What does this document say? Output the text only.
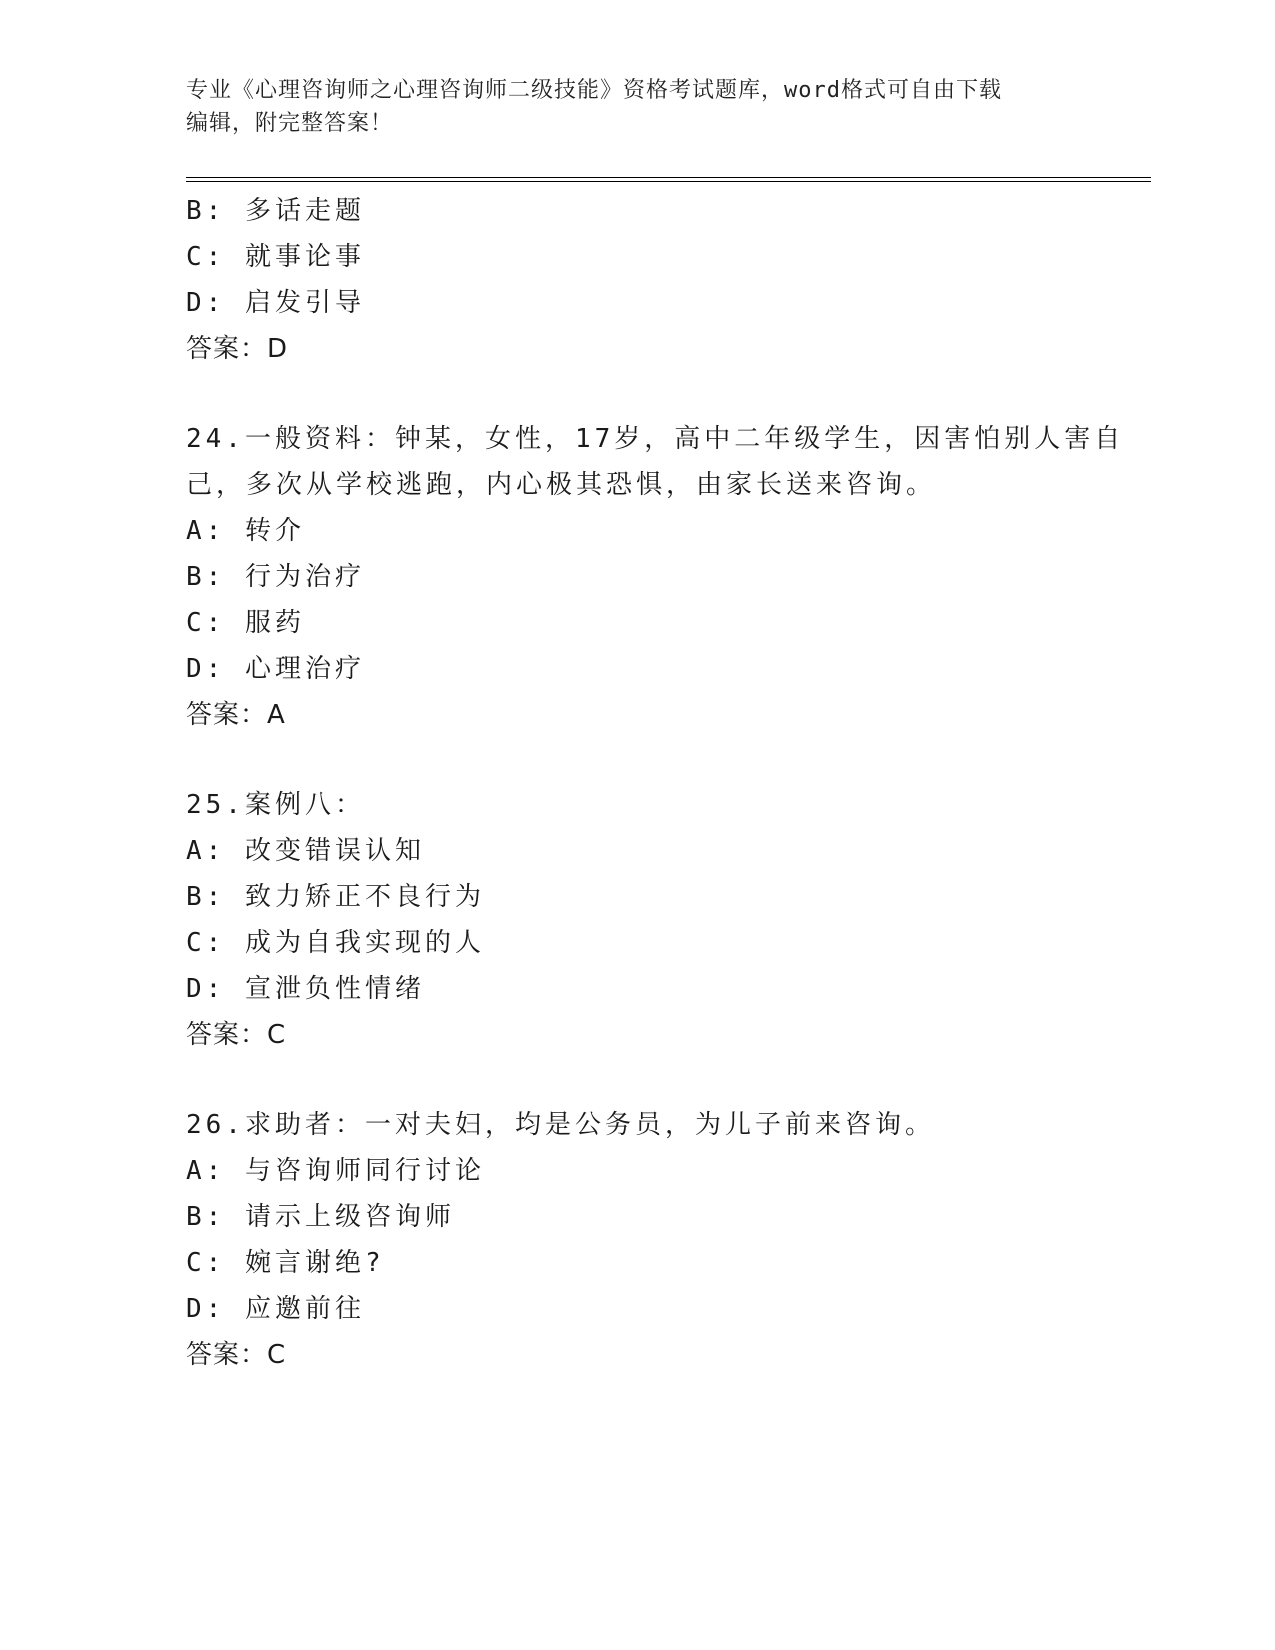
专业《心理咨询师之心理咨询师二级技能》资格考试题库，word格式可自由下载
编辑，附完整答案！
B: 多话走题
C: 就事论事
D: 启发引导
答案：D
24.一般资料：钟某，女性，17岁，高中二年级学生，因害怕别人害自
己，多次从学校逃跑，内心极其恐惧，由家长送来咨询。
A: 转介
B: 行为治疗
C: 服药
D: 心理治疗
答案：A
25.案例八：
A: 改变错误认知
B: 致力矫正不良行为
C: 成为自我实现的人
D: 宣泄负性情绪
答案：C
26.求助者：一对夫妇，均是公务员，为儿子前来咨询。
A: 与咨询师同行讨论
B: 请示上级咨询师
C: 婉言谢绝?
D: 应邀前往
答案：C
